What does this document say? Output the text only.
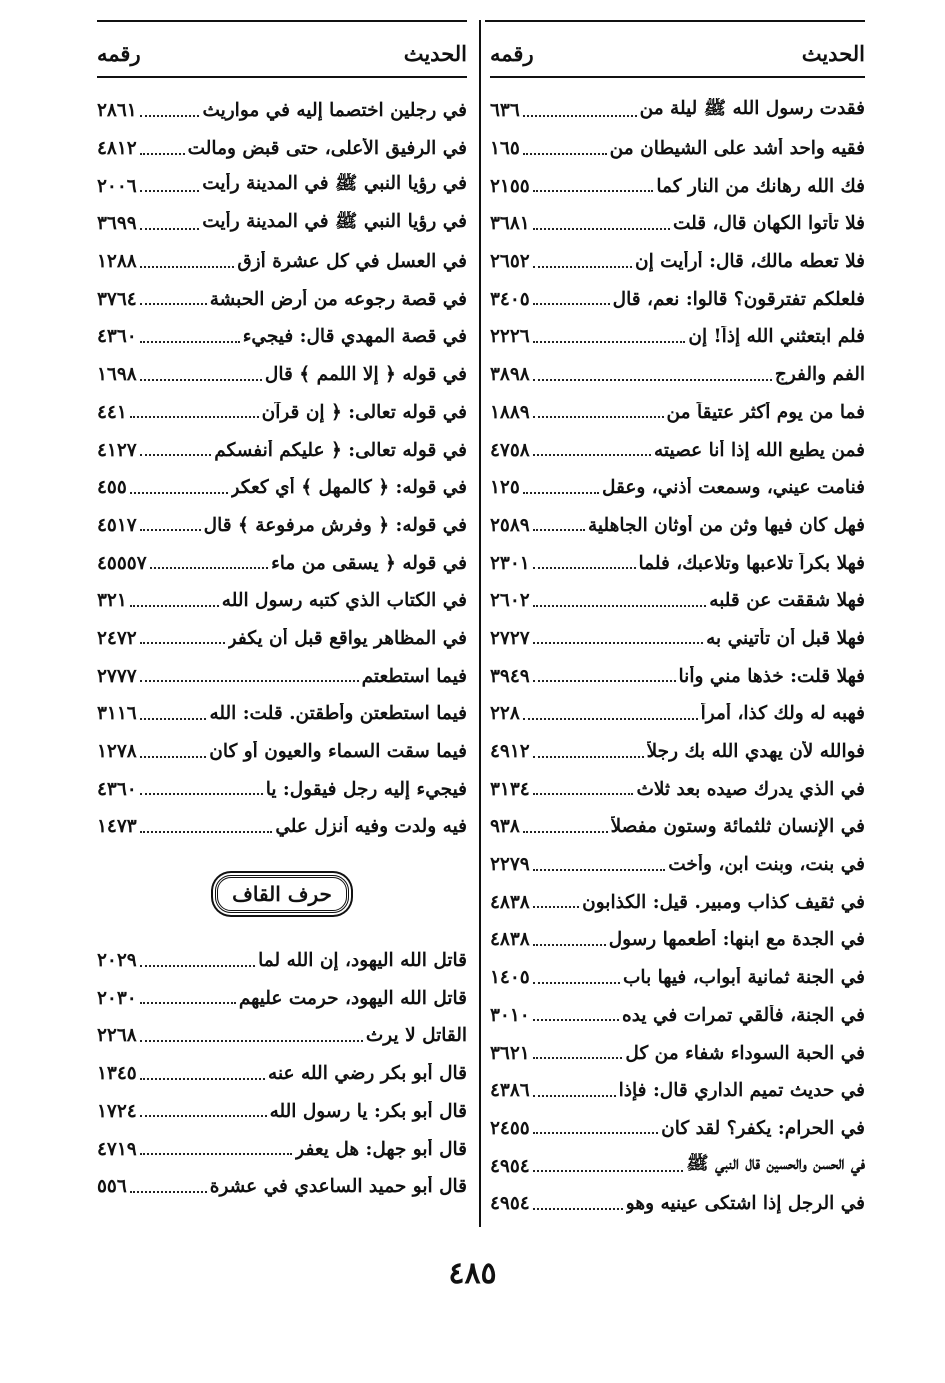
الحديث
رقمه
فقدت رسول الله ﷺ ليلة من
٦٣٦
فقيه واحد أشد على الشيطان من
١٦٥
فك الله رهانك من النار كما
٢١٥٥
فلا تأتوا الكهان قال، قلت
٣٦٨١
فلا تعطه مالك، قال: أرأيت إن
٢٦٥٢
فلعلكم تفترقون؟ قالوا: نعم، قال
٣٤٠٥
فلم ابتعثني الله إذاً! إن
٢٢٢٦
الفم والفرج
٣٨٩٨
فما من يوم أكثر عتيقاً من
١٨٨٩
فمن يطيع الله إذا أنا عصيته
٤٧٥٨
فنامت عيني، وسمعت أذني، وعقل
١٢٥
فهل كان فيها وثن من أوثان الجاهلية
٢٥٨٩
فهلا بكراً تلاعبها وتلاعبك، فلما
٢٣٠١
فهلا شققت عن قلبه
٢٦٠٢
فهلا قبل أن تأتيني به
٢٧٢٧
فهلا قلت: خذها مني وأنا
٣٩٤٩
فهبه له ولك كذا، أمراً
٢٢٨
فوالله لأن يهدي الله بك رجلاً
٤٩١٢
في الذي يدرك صيده بعد ثلاث
٣١٣٤
في الإنسان ثلثمائة وستون مفصلاً
٩٣٨
في بنت، وبنت ابن، وأخت
٢٢٧٩
في ثقيف كذاب ومبير. قيل: الكذابون
٤٨٣٨
في الجدة مع ابنها: أطعمها رسول
٤٨٣٨
في الجنة ثمانية أبواب، فيها باب
١٤٠٥
في الجنة، فألقي تمرات في يده
٣٠١٠
في الحبة السوداء شفاء من كل
٣٦٢١
في حديث تميم الداري قال: فإذا
٤٣٨٦
في الحرام: يكفر؟ لقد كان
٢٤٥٥
في الحسن والحسين قال النبي ﷺ
٤٩٥٤
في الرجل إذا اشتكى عينيه وهو
٤٩٥٤
الحديث
رقمه
في رجلين اختصما إليه في مواريث
٢٨٦١
في الرفيق الأعلى، حتى قبض ومالت
٤٨١٢
في رؤيا النبي ﷺ في المدينة رأيت
٢٠٠٦
في رؤيا النبي ﷺ في المدينة رأيت
٣٦٩٩
في العسل في كل عشرة أزق
١٢٨٨
في قصة رجوعه من أرض الحبشة
٣٧٦٤
في قصة المهدي قال: فيجيء
٤٣٦٠
في قوله ﴿ إلا اللمم ﴾ قال
١٦٩٨
في قوله تعالى: ﴿ إن قرآن
٤٤١
في قوله تعالى: ﴿ عليكم أنفسكم
٤١٢٧
في قوله: ﴿ كالمهل ﴾ أي كعكر
٤٥٥
في قوله: ﴿ وفرش مرفوعة ﴾ قال
٤٥١٧
في قوله ﴿ يسقى من ماء
٤٥٥٥٧
في الكتاب الذي كتبه رسول الله
٣٢١
في المظاهر يواقع قبل أن يكفر
٢٤٧٢
فيما استطعتم
٢٧٧٧
فيما استطعتن وأطقتن. قلت: الله
٣١١٦
فيما سقت السماء والعيون أو كان
١٢٧٨
فيجيء إليه رجل فيقول: يا
٤٣٦٠
فيه ولدت وفيه أنزل علي
١٤٧٣
حرف القاف
قاتل الله اليهود، إن الله لما
٢٠٢٩
قاتل الله اليهود، حرمت عليهم
٢٠٣٠
القاتل لا يرث
٢٢٦٨
قال أبو بكر رضي الله عنه
١٣٤٥
قال أبو بكر: يا رسول الله
١٧٢٤
قال أبو جهل: هل يعفر
٤٧١٩
قال أبو حميد الساعدي في عشرة
٥٥٦
٤٨٥
